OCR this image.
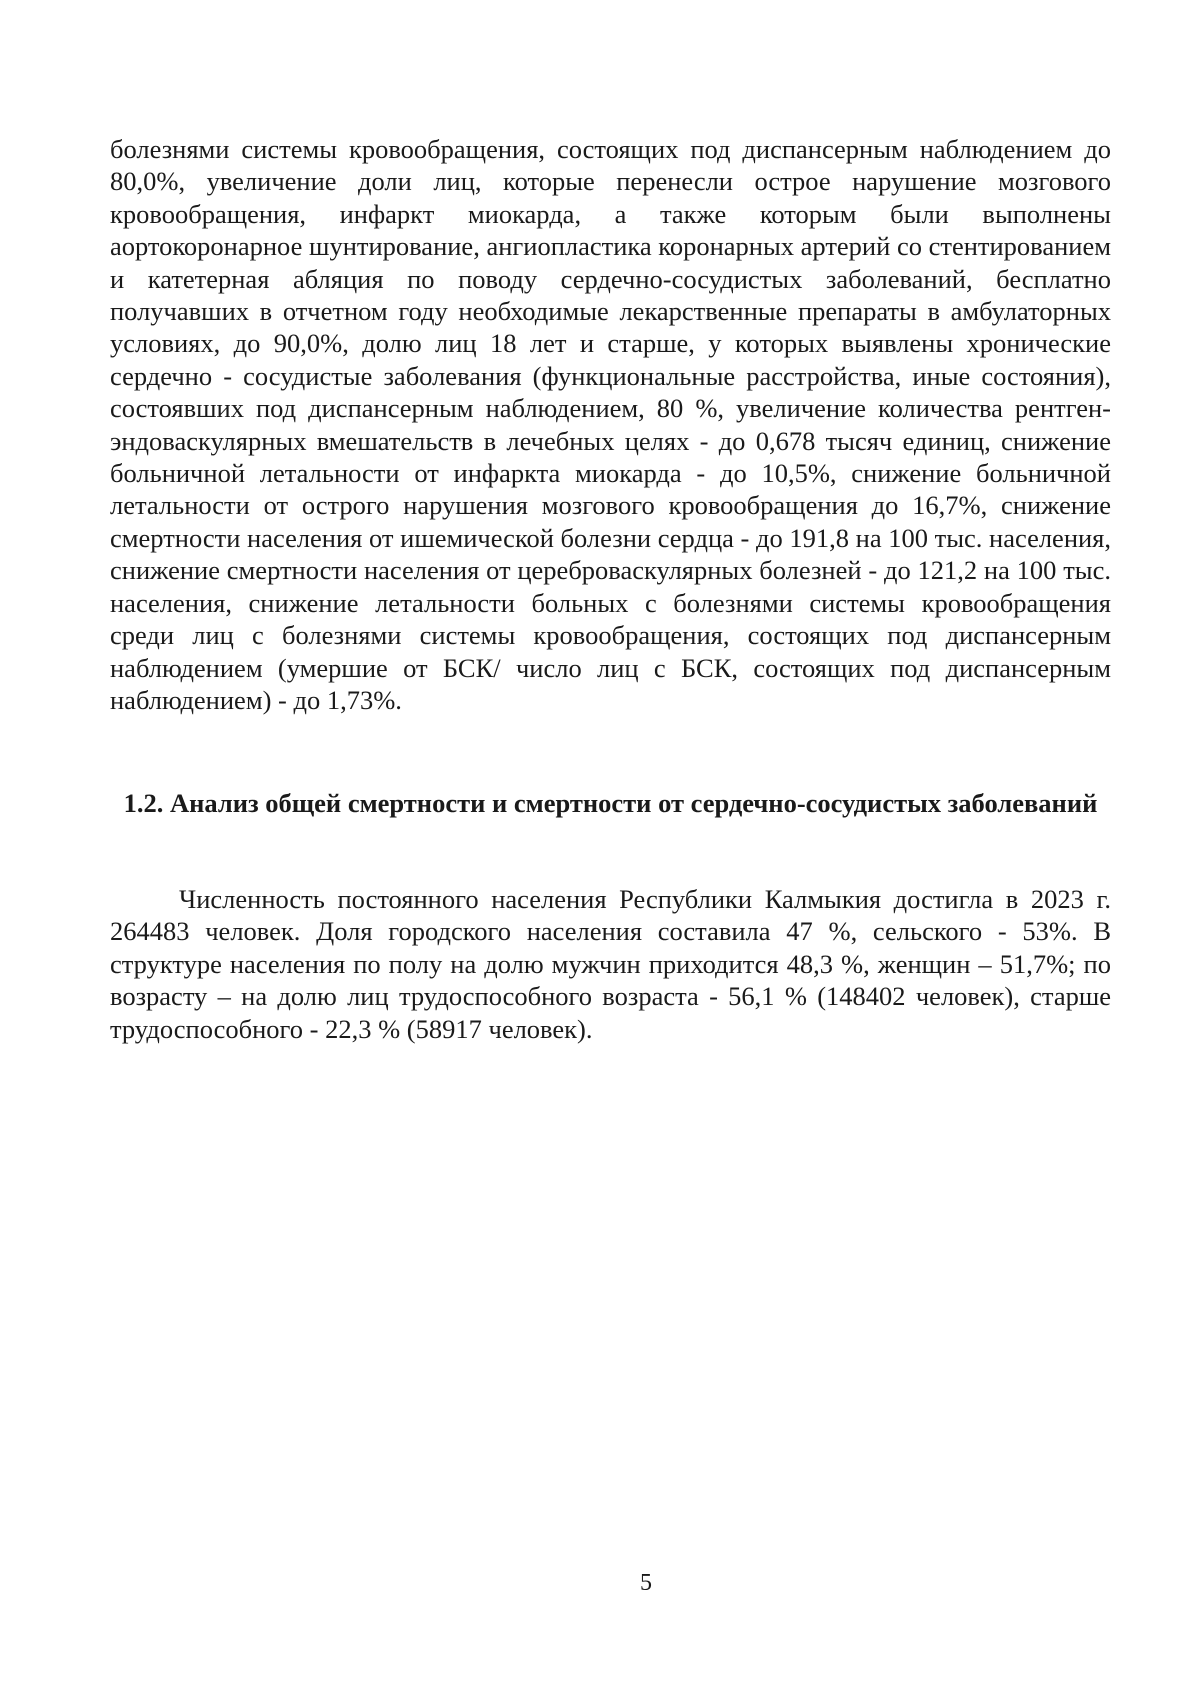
болезнями системы кровообращения, состоящих под диспансерным наблюдением до 80,0%, увеличение доли лиц, которые перенесли острое нарушение мозгового кровообращения, инфаркт миокарда, а также которым были выполнены аортокоронарное шунтирование, ангиопластика коронарных артерий со стентированием и катетерная абляция по поводу сердечно-сосудистых заболеваний, бесплатно получавших в отчетном году необходимые лекарственные препараты в амбулаторных условиях, до 90,0%, долю лиц 18 лет и старше, у которых выявлены хронические сердечно - сосудистые заболевания (функциональные расстройства, иные состояния), состоявших под диспансерным наблюдением, 80 %, увеличение количества рентген-эндоваскулярных вмешательств в лечебных целях - до 0,678 тысяч единиц, снижение больничной летальности от инфаркта миокарда - до 10,5%, снижение больничной летальности от острого нарушения мозгового кровообращения до 16,7%, снижение смертности населения от ишемической болезни сердца - до 191,8 на 100 тыс. населения, снижение смертности населения от цереброваскулярных болезней - до 121,2 на 100 тыс. населения, снижение летальности больных с болезнями системы кровообращения среди лиц с болезнями системы кровообращения, состоящих под диспансерным наблюдением (умершие от БСК/ число лиц с БСК, состоящих под диспансерным наблюдением) - до 1,73%.

1.2. Анализ общей смертности и смертности от сердечно-сосудистых заболеваний

Численность постоянного населения Республики Калмыкия достигла в 2023 г. 264483 человек. Доля городского населения составила 47 %, сельского - 53%. В структуре населения по полу на долю мужчин приходится 48,3 %, женщин – 51,7%; по возрасту – на долю лиц трудоспособного возраста - 56,1 % (148402 человек), старше трудоспособного - 22,3 % (58917 человек).

5
